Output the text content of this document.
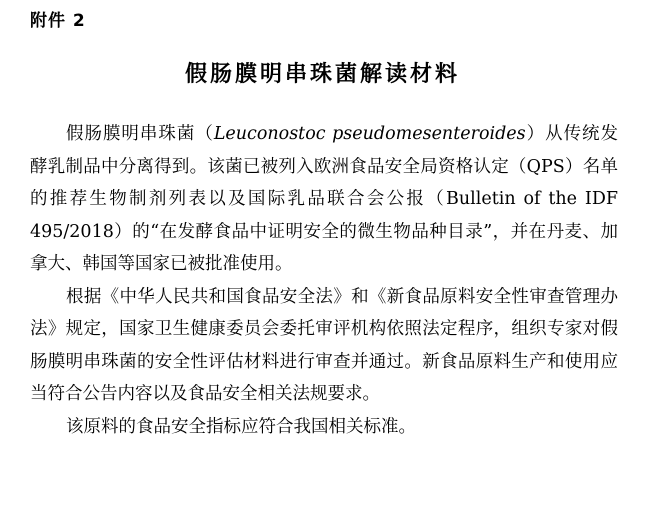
附件 2
假肠膜明串珠菌解读材料

假肠膜明串珠菌（Leuconostoc pseudomesenteroides）从传统发酵乳制品中分离得到。该菌已被列入欧洲食品安全局资格认定（QPS）名单的推荐生物制剂列表以及国际乳品联合会公报（Bulletin of the IDF 495/2018）的“在发酵食品中证明安全的微生物品种目录”，并在丹麦、加拿大、韩国等国家已被批准使用。

根据《中华人民共和国食品安全法》和《新食品原料安全性审查管理办法》规定，国家卫生健康委员会委托审评机构依照法定程序，组织专家对假肠膜明串珠菌的安全性评估材料进行审查并通过。新食品原料生产和使用应当符合公告内容以及食品安全相关法规要求。

该原料的食品安全指标应符合我国相关标准。
